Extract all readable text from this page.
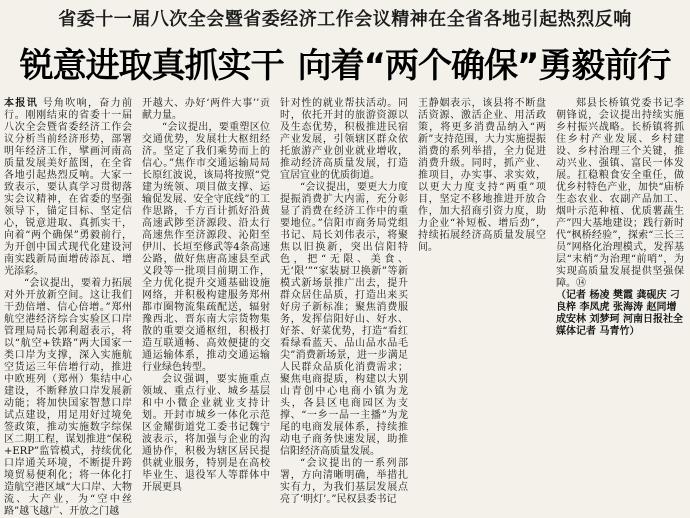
省委十一届八次全会暨省委经济工作会议精神在全省各地引起热烈反响
锐意进取真抓实干 向着“两个确保”勇毅前行

本报讯 号角吹响，奋力前行。刚刚结束的省委十一届八次全会暨省委经济工作会议分析当前经济形势，部署明年经济工作，擘画河南高质量发展美好蓝图，在全省各地引起热烈反响。大家一致表示，要认真学习贯彻落实会议精神，在省委的坚强领导下，锚定目标、坚定信心，锐意进取、真抓实干，向着“两个确保”勇毅前行，为开创中国式现代化建设河南实践新局面增砖添瓦、增光添彩。

“会议提出，要着力拓展对外开放新空间。这让我们干劲倍增、信心倍增。”郑州航空港经济综合实验区口岸管理局局长郭利超表示，将以“航空+铁路”两大国家一类口岸为支撑，深入实施航空货运三年倍增行动，推进中欧班列（郑州）集结中心建设，不断释放口岸发展新动能；将加快国家智慧口岸试点建设，用足用好过境免签政策，推动实施数字综保区二期工程，谋划推进“保税+ERP”监管模式，持续优化口岸通关环境，不断提升跨境贸易便利化；将一体化打造航空港区域“大口岸、大物流、大产业，为“空中丝路”越飞越广、开放之门越

开越大、办好‘两件大事’’贡献力量。

“会议提出，要重塑区位交通优势，发展壮大枢纽经济。坚定了我们乘势而上的信心。”焦作市交通运输局局长原红波说，该局将按照“党建为统领、项目做支撑、运输促发展、安全守底线”的工作思路，千方百计抓好沿黄高速武陟至济源段、沿太行高速焦作至济源段、沁阳至伊川、长垣至修武等4条高速公路，做好焦唐高速县至武义段等一批项目前期工作，全力优化提升交通基础设施网络，并积极构建服务郑州都市圈物流集疏配送，辐射豫西北、晋东南大宗货物集散的重要交通枢纽，积极打造互联通畅、高效便捷的交通运输体系，推动交通运输行业绿色转型。

会议强调，要实施重点领域、重点行业、城乡基层和中小微企业就业支持计划。开封市城乡一体化示范区金耀街道党工委书记魏宁波表示，将加强与企业的沟通协作，积极为辖区居民提供就业服务，特别是在高校毕业生、退役军人等群体中开展更具

针对性的就业帮扶活动。同时，依托开封的旅游资源以及生态优势，积极推进民宿产业发展，引领辖区群众依托旅游产业创业就业增收，推动经济高质量发展，打造宜居宜业的优质街道。

“会议提出，要更大力度提振消费扩大内需，充分彰显了消费在经济工作中的重要地位。”信阳市商务局党组书记、局长刘伟表示，将聚焦以旧换新，突出信阳特色，把“无限、美食、无‘限’”“家装厨卫换新”等新模式新场景推广出去，提升群众居住品质，打造出来买好房子新标准；聚焦消费服务，发挥信阳好山、好水、好茶、好菜优势，打造“看红看绿看蓝天、品山品水品毛尖”消费新场景，进一步满足人民群众品质化消费需求；聚焦电商提质，构建以大别山青创中心电商小镇为龙头，各县区电商园区为支撑、“一乡一品一主播”为龙尾的电商发展体系，持续推动电子商务快速发展，助推信阳经济高质量发展。

“会议提出的一系列部署，方向清晰明确，举措扎实有力，为我们基层发展点亮了‘明灯’。”民权县委书记

王静姻表示，该县将不断盘活资源、激活企业、用活政策，将更多消费品纳入“两新”支持范围，大力实施提振消费的系列举措，全力促进消费升级。同时，抓产业、推项目，办实事、求实效，以更大力度支持“两重”项目，坚定不移地推进开放合作，加大招商引资力度，助力企业“补短板、增后劲”，持续拓展经济高质量发展空间。

郏县长桥镇党委书记李朝锋说，会议提出持续实施乡村振兴战略。长桥镇将抓住乡村产业发展、乡村建设、乡村治理三个关键，推动兴业、强镇、富民一体发展。扛稳粮食安全重任，做优乡村特色产业，加快“庙桥生态农业、农副产品加工、烟叶示范种植、优质薯蔬生产”四大基地建设；践行新时代“枫桥经验”，探索“三长三员”网格化治理模式，发挥基层“末梢”为治理“前哨”，为实现高质量发展提供坚强保障。⑭

（记者 杨凌 樊霞 龚砚庆 刁良梓 李凤虎 张海涛 赵同增 成安林 刘梦珂 河南日报社全媒体记者 马青竹）
